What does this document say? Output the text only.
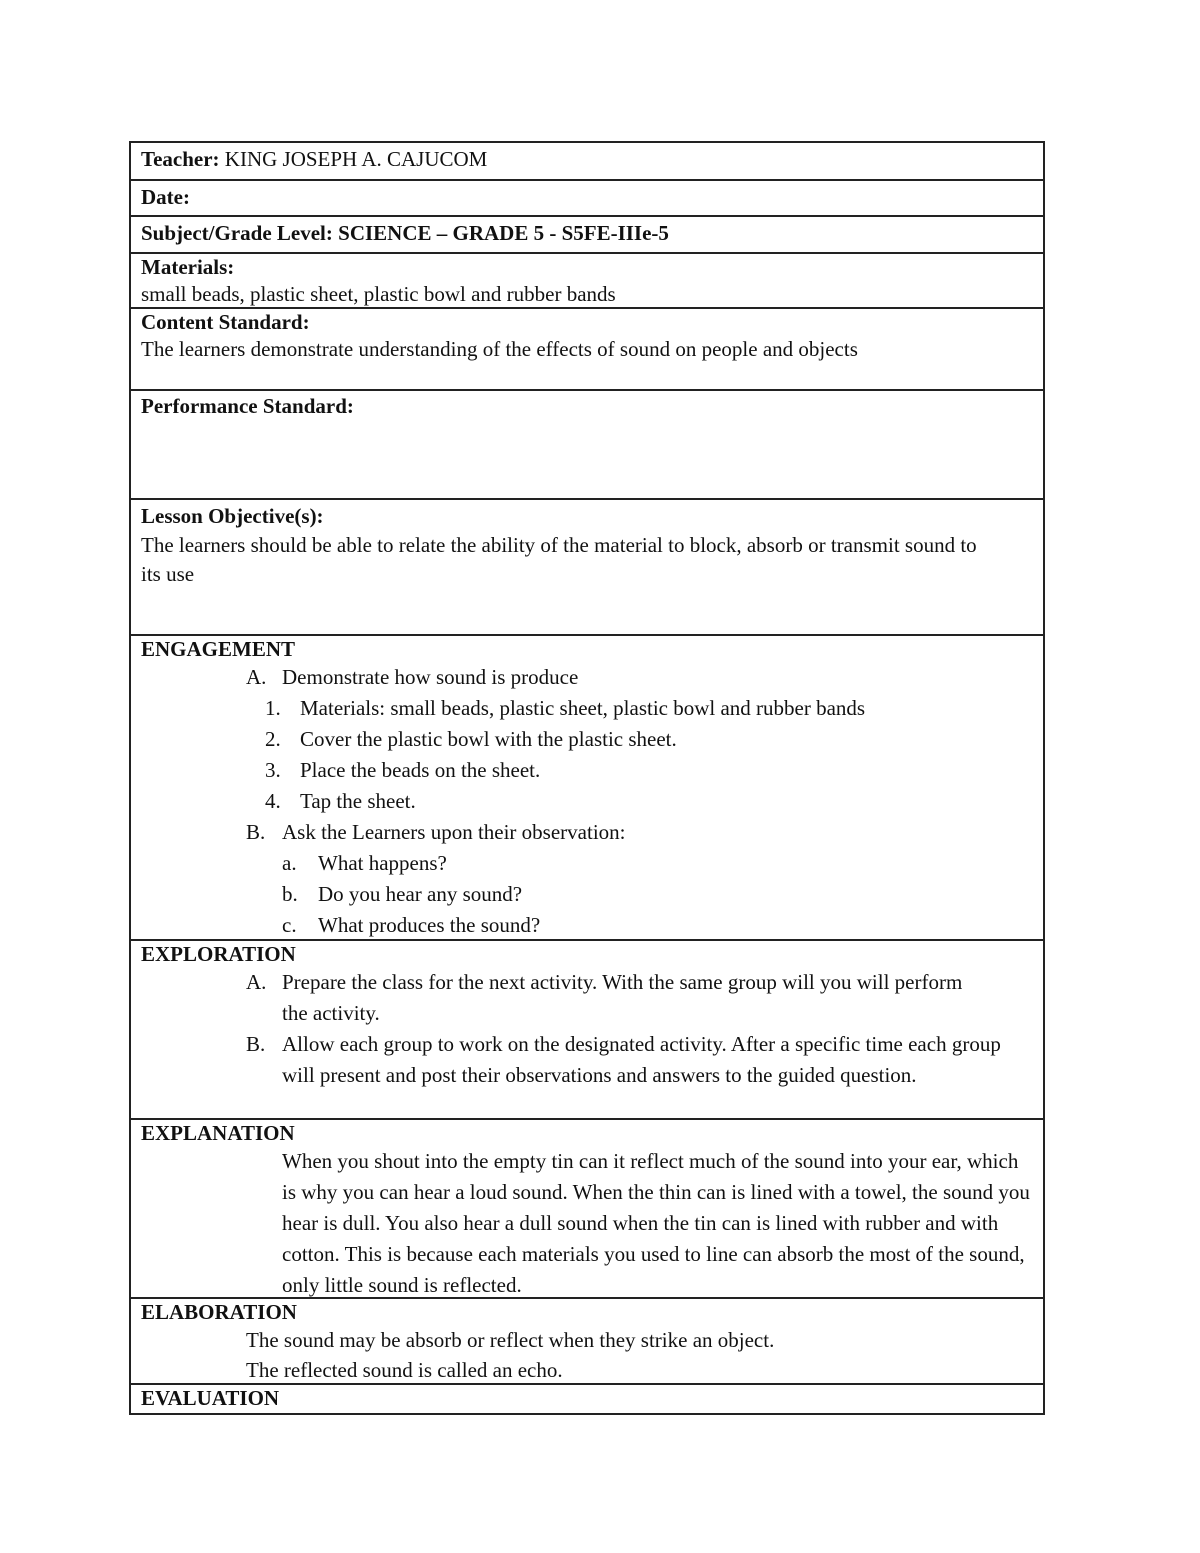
Teacher: KING JOSEPH A. CAJUCOM
Date:
Subject/Grade Level: SCIENCE – GRADE 5 - S5FE-IIIe-5
Materials:
small beads, plastic sheet, plastic bowl and rubber bands
Content Standard:
The learners demonstrate understanding of the effects of sound on people and objects
Performance Standard:
Lesson Objective(s):
The learners should be able to relate the ability of the material to block, absorb or transmit sound to its use
ENGAGEMENT
A. Demonstrate how sound is produce
1. Materials: small beads, plastic sheet, plastic bowl and rubber bands
2. Cover the plastic bowl with the plastic sheet.
3. Place the beads on the sheet.
4. Tap the sheet.
B. Ask the Learners upon their observation:
a.	What happens?
b. Do you hear any sound?
c.	What produces the sound?
EXPLORATION
A. Prepare the class for the next activity. With the same group will you will perform the activity.
B. Allow each group to work on the designated activity. After a specific time each group will present and post their observations and answers to the guided question.
EXPLANATION
When you shout into the empty tin can it reflect much of the sound into your ear, which is why you can hear a loud sound. When the thin can is lined with a towel, the sound you hear is dull. You also hear a dull sound when the tin can is lined with rubber and with cotton. This is because each materials you used to line can absorb the most of the sound, only little sound is reflected.
ELABORATION
The sound may be absorb or reflect when they strike an object.
The reflected sound is called an echo.
EVALUATION
